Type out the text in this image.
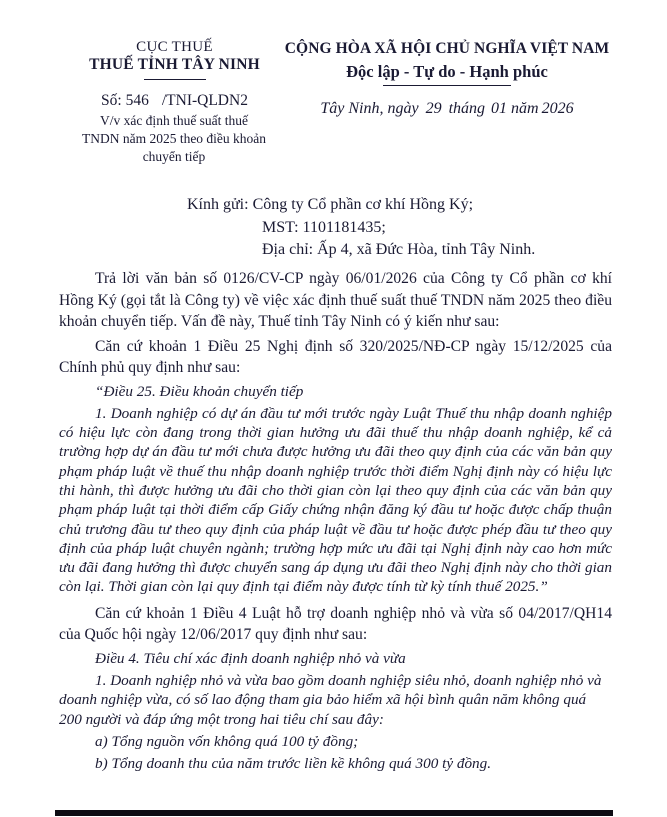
CỤC THUẾ
THUẾ TỈNH TÂY NINH
Số: 546 /TNI-QLDN2
V/v xác định thuế suất thuế TNDN năm 2025 theo điều khoản chuyển tiếp
CỘNG HÒA XÃ HỘI CHỦ NGHĨA VIỆT NAM
Độc lập - Tự do - Hạnh phúc
Tây Ninh, ngày 29 tháng 01 năm 2026
Kính gửi: Công ty Cổ phần cơ khí Hồng Ký;
MST: 1101181435;
Địa chỉ: Ấp 4, xã Đức Hòa, tỉnh Tây Ninh.

Trả lời văn bản số 0126/CV-CP ngày 06/01/2026 của Công ty Cổ phần cơ khí Hồng Ký (gọi tắt là Công ty) về việc xác định thuế suất thuế TNDN năm 2025 theo điều khoản chuyển tiếp. Vấn đề này, Thuế tỉnh Tây Ninh có ý kiến như sau:

Căn cứ khoản 1 Điều 25 Nghị định số 320/2025/NĐ-CP ngày 15/12/2025 của Chính phủ quy định như sau:

“Điều 25. Điều khoản chuyển tiếp

1. Doanh nghiệp có dự án đầu tư mới trước ngày Luật Thuế thu nhập doanh nghiệp có hiệu lực còn đang trong thời gian hưởng ưu đãi thuế thu nhập doanh nghiệp, kể cả trường hợp dự án đầu tư mới chưa được hưởng ưu đãi theo quy định của các văn bản quy phạm pháp luật về thuế thu nhập doanh nghiệp trước thời điểm Nghị định này có hiệu lực thi hành, thì được hưởng ưu đãi cho thời gian còn lại theo quy định của các văn bản quy phạm pháp luật tại thời điểm cấp Giấy chứng nhận đăng ký đầu tư hoặc được chấp thuận chủ trương đầu tư theo quy định của pháp luật về đầu tư hoặc được phép đầu tư theo quy định của pháp luật chuyên ngành; trường hợp mức ưu đãi tại Nghị định này cao hơn mức ưu đãi đang hưởng thì được chuyển sang áp dụng ưu đãi theo Nghị định này cho thời gian còn lại. Thời gian còn lại quy định tại điểm này được tính từ kỳ tính thuế 2025.”

Căn cứ khoản 1 Điều 4 Luật hỗ trợ doanh nghiệp nhỏ và vừa số 04/2017/QH14 của Quốc hội ngày 12/06/2017 quy định như sau:

Điều 4. Tiêu chí xác định doanh nghiệp nhỏ và vừa

1. Doanh nghiệp nhỏ và vừa bao gồm doanh nghiệp siêu nhỏ, doanh nghiệp nhỏ và doanh nghiệp vừa, có số lao động tham gia bảo hiểm xã hội bình quân năm không quá 200 người và đáp ứng một trong hai tiêu chí sau đây:

a) Tổng nguồn vốn không quá 100 tỷ đồng;

b) Tổng doanh thu của năm trước liền kề không quá 300 tỷ đồng.
